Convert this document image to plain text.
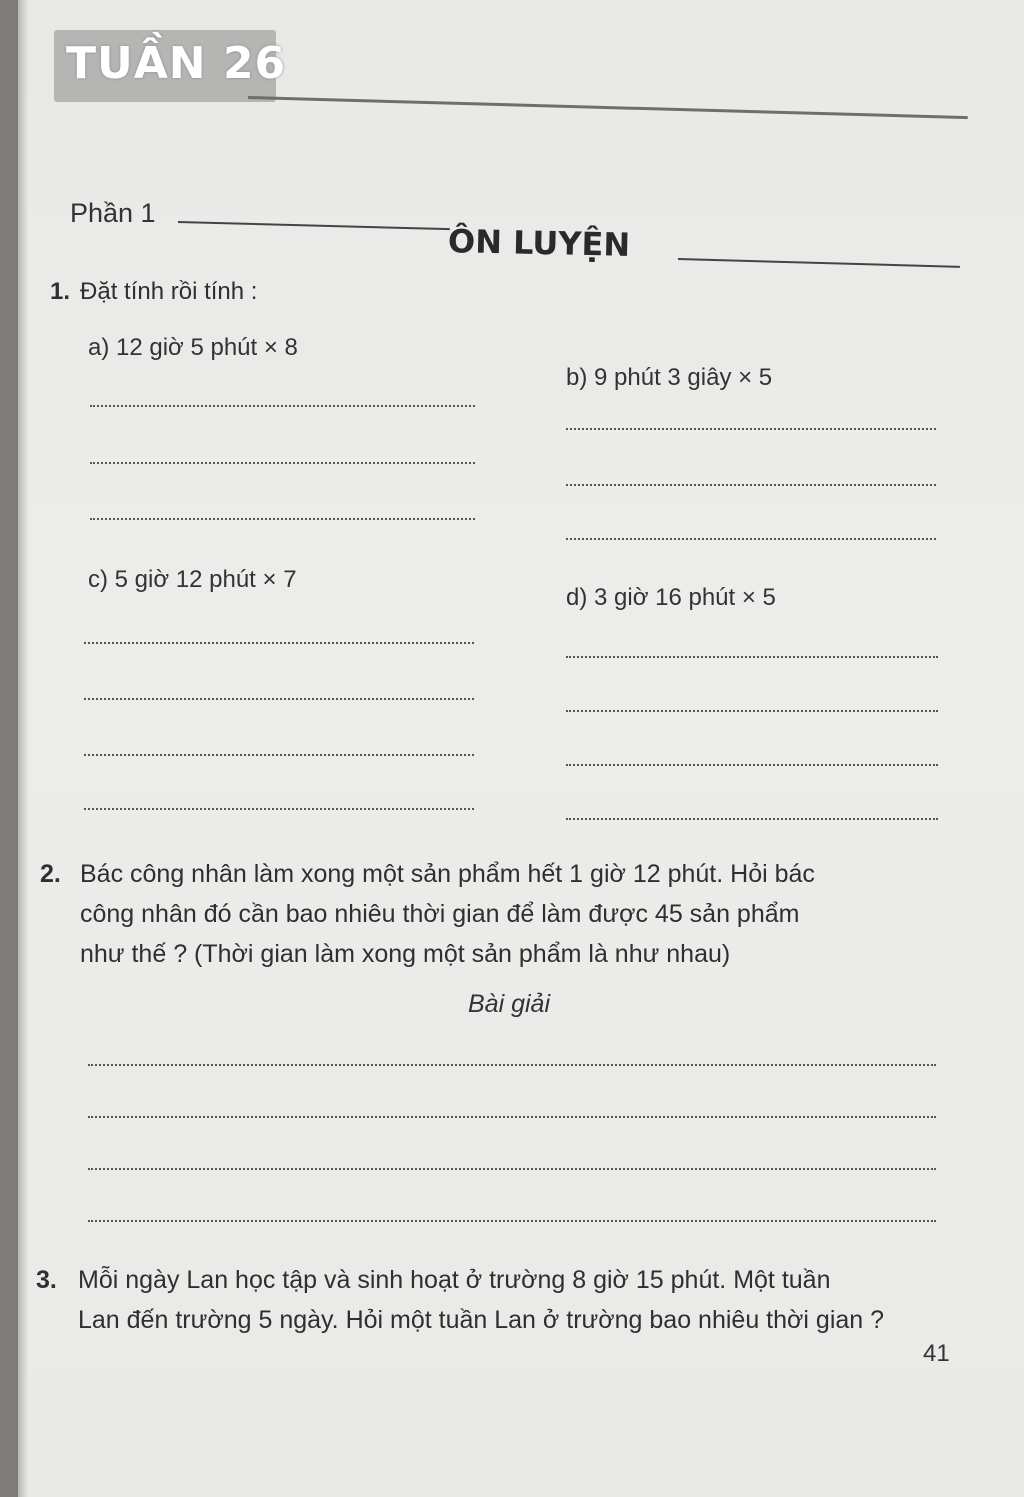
TUẦN 26
Phần 1
ÔN LUYỆN
1. Đặt tính rồi tính :
a) 12 giờ 5 phút × 8
b) 9 phút 3 giây × 5
c) 5 giờ 12 phút × 7
d) 3 giờ 16 phút × 5
2. Bác công nhân làm xong một sản phẩm hết 1 giờ 12 phút. Hỏi bác
công nhân đó cần bao nhiêu thời gian để làm được 45 sản phẩm
như thế ? (Thời gian làm xong một sản phẩm là như nhau)
Bài giải
3. Mỗi ngày Lan học tập và sinh hoạt ở trường 8 giờ 15 phút. Một tuần
Lan đến trường 5 ngày. Hỏi một tuần Lan ở trường bao nhiêu thời gian ?
41
